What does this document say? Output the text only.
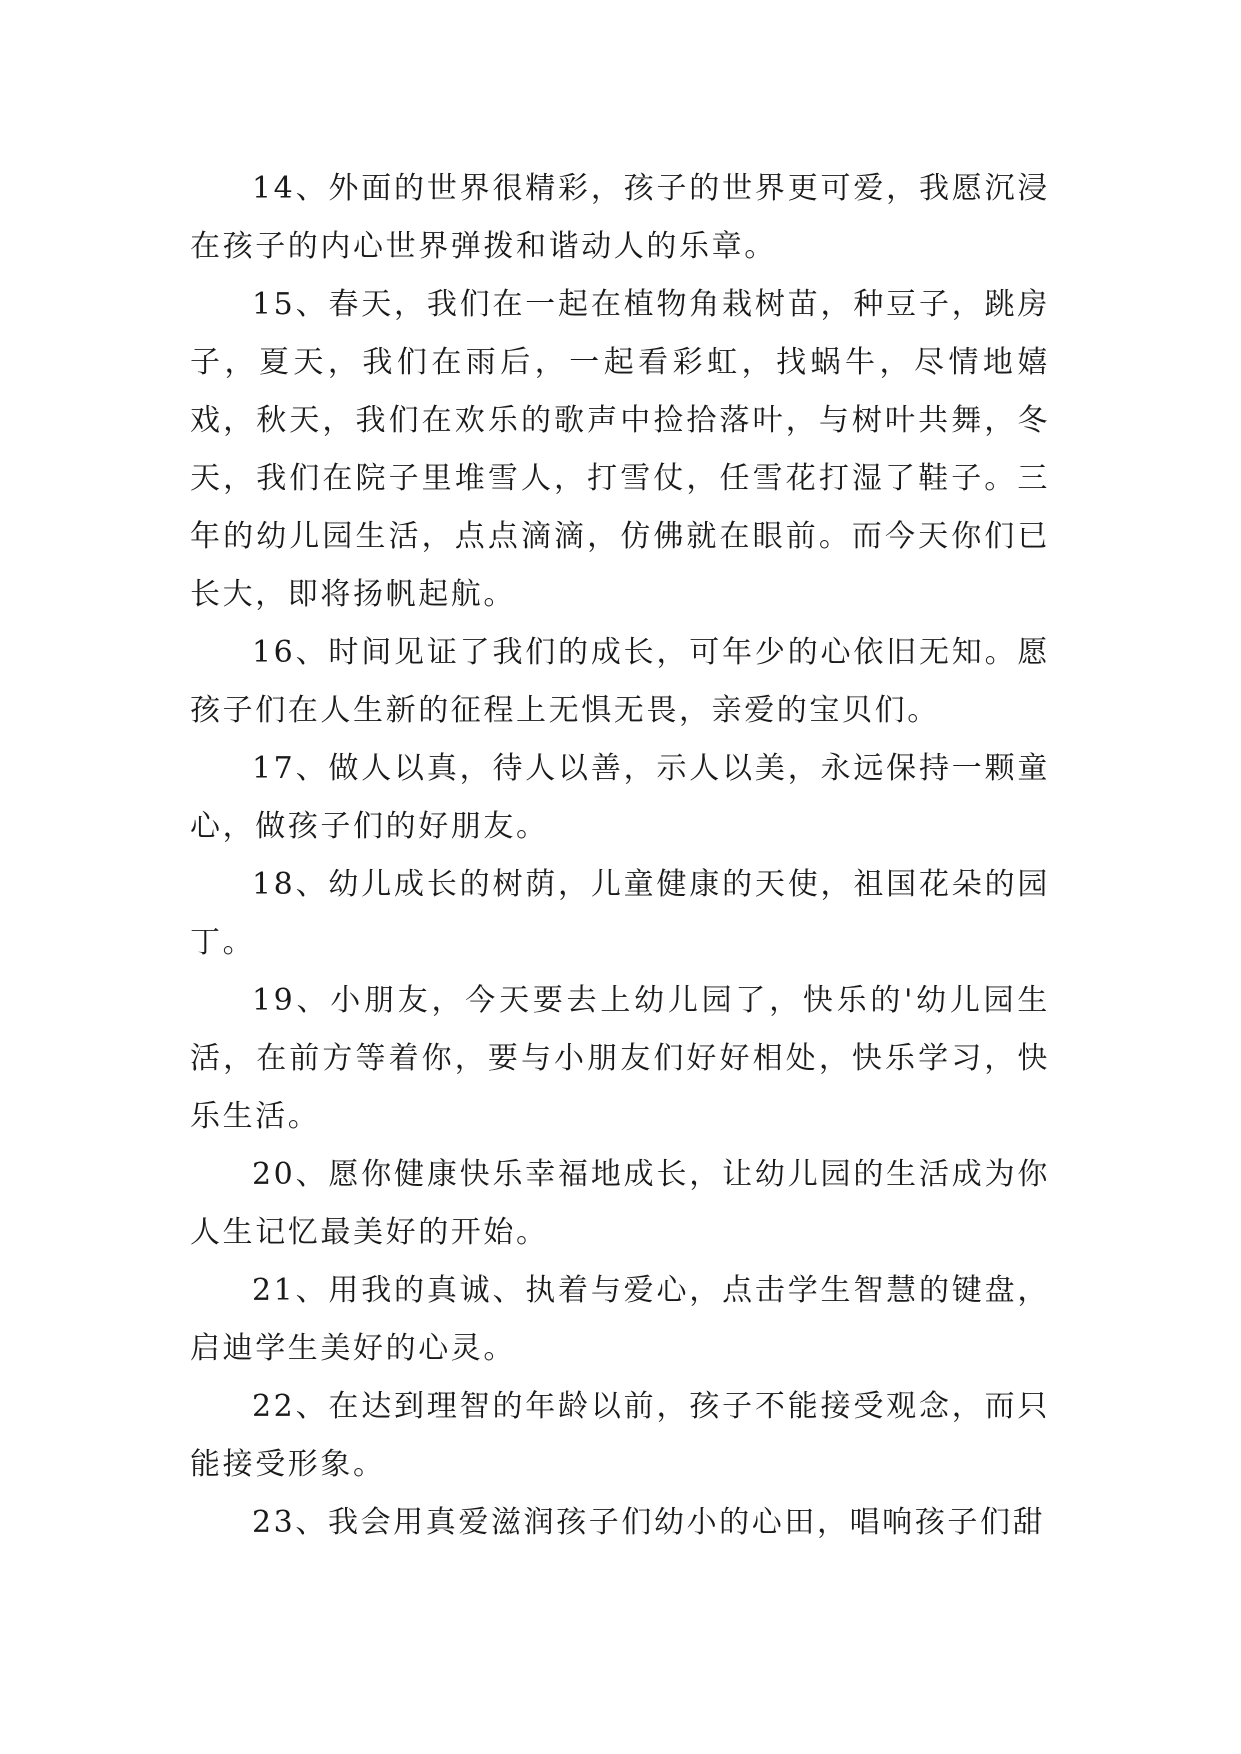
14、外面的世界很精彩，孩子的世界更可爱，我愿沉浸在孩子的内心世界弹拨和谐动人的乐章。

15、春天，我们在一起在植物角栽树苗，种豆子，跳房子，夏天，我们在雨后，一起看彩虹，找蜗牛，尽情地嬉戏，秋天，我们在欢乐的歌声中捡拾落叶，与树叶共舞，冬天，我们在院子里堆雪人，打雪仗，任雪花打湿了鞋子。三年的幼儿园生活，点点滴滴，仿佛就在眼前。而今天你们已长大，即将扬帆起航。

16、时间见证了我们的成长，可年少的心依旧无知。愿孩子们在人生新的征程上无惧无畏，亲爱的宝贝们。

17、做人以真，待人以善，示人以美，永远保持一颗童心，做孩子们的好朋友。

18、幼儿成长的树荫，儿童健康的天使，祖国花朵的园丁。

19、小朋友，今天要去上幼儿园了，快乐的'幼儿园生活，在前方等着你，要与小朋友们好好相处，快乐学习，快乐生活。

20、愿你健康快乐幸福地成长，让幼儿园的生活成为你人生记忆最美好的开始。

21、用我的真诚、执着与爱心，点击学生智慧的键盘，启迪学生美好的心灵。

22、在达到理智的年龄以前，孩子不能接受观念，而只能接受形象。

23、我会用真爱滋润孩子们幼小的心田，唱响孩子们甜
